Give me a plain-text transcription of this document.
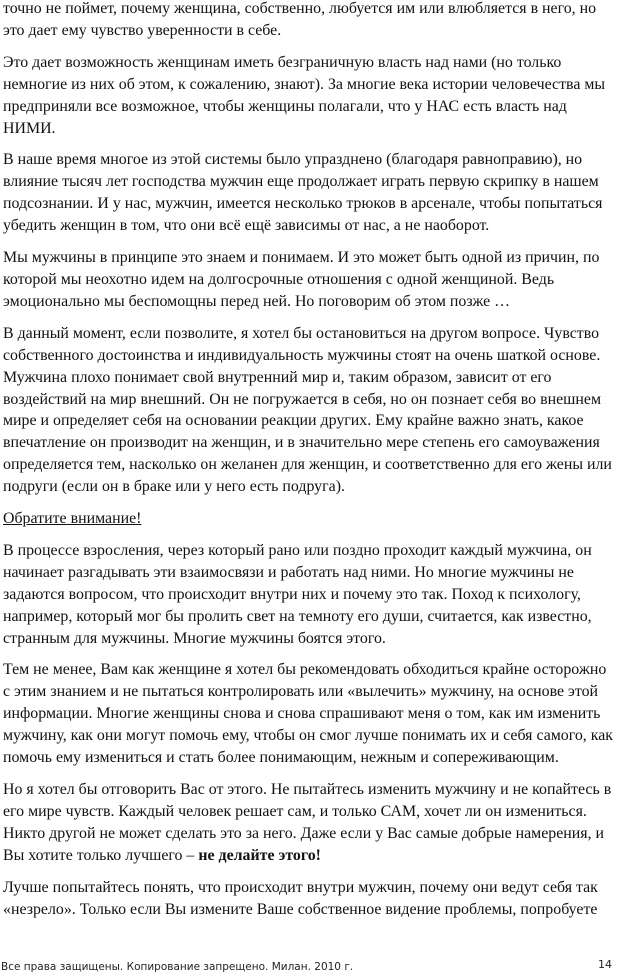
точно не поймет, почему женщина, собственно, любуется им или влюбляется в него, но
это дает ему чувство уверенности в себе.

Это дает возможность женщинам иметь безграничную власть над нами (но только
немногие из них об этом, к сожалению, знают). За многие века истории человечества мы
предприняли все возможное, чтобы женщины полагали, что у НАС есть власть над
НИМИ.

В наше время многое из этой системы было упразднено (благодаря равноправию), но
влияние тысяч лет господства мужчин еще продолжает играть первую скрипку в нашем
подсознании. И у нас, мужчин, имеется несколько трюков в арсенале, чтобы попытаться
убедить женщин в том, что они всё ещё зависимы от нас, а не наоборот.

Мы мужчины в принципе это знаем и понимаем. И это может быть одной из причин, по
которой мы неохотно идем на долгосрочные отношения с одной женщиной. Ведь
эмоционально мы беспомощны перед ней. Но поговорим об этом позже …

В данный момент, если позволите, я хотел бы остановиться на другом вопросе. Чувство
собственного достоинства и индивидуальность мужчины стоят на очень шаткой основе.
Мужчина плохо понимает свой внутренний мир и, таким образом, зависит от его
воздействий на мир внешний. Он не погружается в себя, но он познает себя во внешнем
мире и определяет себя на основании реакции других. Ему крайне важно знать, какое
впечатление он производит на женщин, и в значительно мере степень его самоуважения
определяется тем, насколько он желанен для женщин, и соответственно для его жены или
подруги (если он в браке или у него есть подруга).

Обратите внимание!

В процессе взросления, через который рано или поздно проходит каждый мужчина, он
начинает разгадывать эти взаимосвязи и работать над ними. Но многие мужчины не
задаются вопросом, что происходит внутри них и почему это так. Поход к психологу,
например, который мог бы пролить свет на темноту его души, считается, как известно,
странным для мужчины. Многие мужчины боятся этого.

Тем не менее, Вам как женщине я хотел бы рекомендовать обходиться крайне осторожно
с этим знанием и не пытаться контролировать или «вылечить» мужчину, на основе этой
информации. Многие женщины снова и снова спрашивают меня о том, как им изменить
мужчину, как они могут помочь ему, чтобы он смог лучше понимать их и себя самого, как
помочь ему измениться и стать более понимающим, нежным и сопереживающим.

Но я хотел бы отговорить Вас от этого. Не пытайтесь изменить мужчину и не копайтесь в
его мире чувств. Каждый человек решает сам, и только САМ, хочет ли он измениться.
Никто другой не может сделать это за него. Даже если у Вас самые добрые намерения, и
Вы хотите только лучшего – не делайте этого!

Лучше попытайтесь понять, что происходит внутри мужчин, почему они ведут себя так
«незрело». Только если Вы измените Ваше собственное видение проблемы, попробуете

Все права защищены. Копирование запрещено. Милан. 2010 г.	14
